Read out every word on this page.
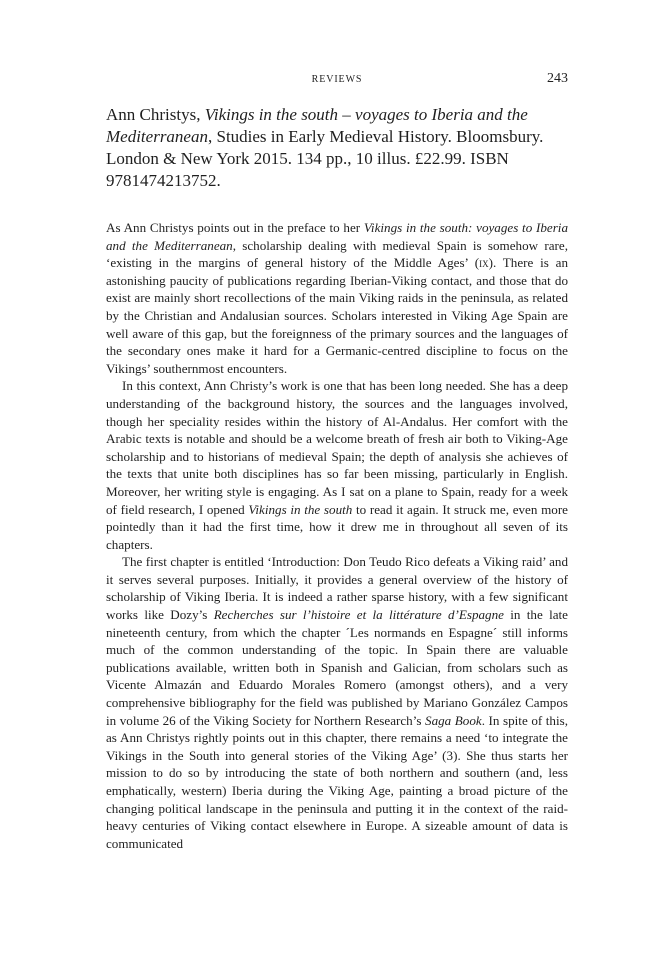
REVIEWS	243
Ann Christys, Vikings in the south – voyages to Iberia and the Mediterranean, Studies in Early Medieval History. Bloomsbury. London & New York 2015. 134 pp., 10 illus. £22.99. ISBN 9781474213752.

As Ann Christys points out in the preface to her Vikings in the south: voyages to Iberia and the Mediterranean, scholarship dealing with medieval Spain is somehow rare, ‘existing in the margins of general history of the Middle Ages’ (ix). There is an astonishing paucity of publications regarding Iberian-Viking contact, and those that do exist are mainly short recollections of the main Viking raids in the peninsula, as related by the Christian and Andalusian sources. Scholars interested in Viking Age Spain are well aware of this gap, but the foreignness of the primary sources and the languages of the secondary ones make it hard for a Germanic-centred discipline to focus on the Vikings’ southernmost encounters.

In this context, Ann Christy’s work is one that has been long needed. She has a deep understanding of the background history, the sources and the languages involved, though her speciality resides within the history of Al-Andalus. Her comfort with the Arabic texts is notable and should be a welcome breath of fresh air both to Viking-Age scholarship and to historians of medieval Spain; the depth of analysis she achieves of the texts that unite both disciplines has so far been missing, particularly in English. Moreover, her writing style is engaging. As I sat on a plane to Spain, ready for a week of field research, I opened Vikings in the south to read it again. It struck me, even more pointedly than it had the first time, how it drew me in throughout all seven of its chapters.

The first chapter is entitled ‘Introduction: Don Teudo Rico defeats a Viking raid’ and it serves several purposes. Initially, it provides a general overview of the history of scholarship of Viking Iberia. It is indeed a rather sparse history, with a few significant works like Dozy’s Recherches sur l’histoire et la littérature d’Espagne in the late nineteenth century, from which the chapter ´Les normands en Espagne´ still informs much of the common understanding of the topic. In Spain there are valuable publications available, written both in Spanish and Galician, from scholars such as Vicente Almazán and Eduardo Morales Romero (amongst others), and a very comprehensive bibliography for the field was published by Mariano González Campos in volume 26 of the Viking Society for Northern Research’s Saga Book. In spite of this, as Ann Christys rightly points out in this chapter, there remains a need ‘to integrate the Vikings in the South into general stories of the Viking Age’ (3). She thus starts her mission to do so by introducing the state of both northern and southern (and, less emphatically, western) Iberia during the Viking Age, painting a broad picture of the changing political landscape in the peninsula and putting it in the context of the raid-heavy centuries of Viking contact elsewhere in Europe. A sizeable amount of data is communicated
